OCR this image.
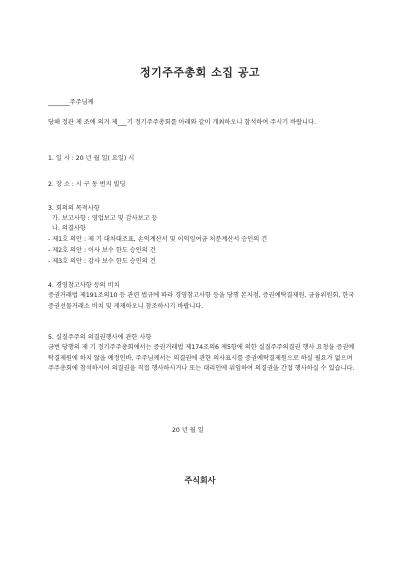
정기주주총회 소집 공고
_______주주님께
당해 정관 제 조에 의거 제___기 정기주주총회를 아래와 같이 개최하오니 참석하여 주시기 바랍니다.
1. 일 시 : 20 년 월 일( 요일) 시
2. 장 소 : 시 구 동 번지 빌딩
3. 회의의 목적사항
가. 보고사항 : 영업보고 및 감사보고 등
나. 의결사항
- 제1호 의안 : 제 기 대차대조표, 손익계산서 및 이익잉여금 처분계산서 승인의 건
- 제2호 의안 : 이사 보수 한도 승인의 건
- 제3호 의안 : 감사 보수 한도 승인의 건
4. 경영참고사항 등의 비치
증권거래법 제191조의10 등 관련 법규에 따라 경영참고사항 등을 당행 본지점, 증권예탁결제원, 금융위원회, 한국증권선물거래소 비치 및 게재하오니 참조하시기 바랍니다.
5. 실질주주의 의결권행사에 관한 사항
금번 당행의 제 기 정기주주총회에서는 증권거래법 제174조의6 제5항에 의한 실질주주의결권 행사 요청을 증권예탁결제원에 하지 않을 예정인바, 주주님께서는 의결권에 관한 의사표시를 증권예탁결제원으로 하실 필요가 없으며 주주총회에 참석하시어 의결권을 직접 행사하시거나 또는 대리인에 위임하여 의결권을 간접 행사하실 수 있습니다.
20 년 월 일
주식회사
